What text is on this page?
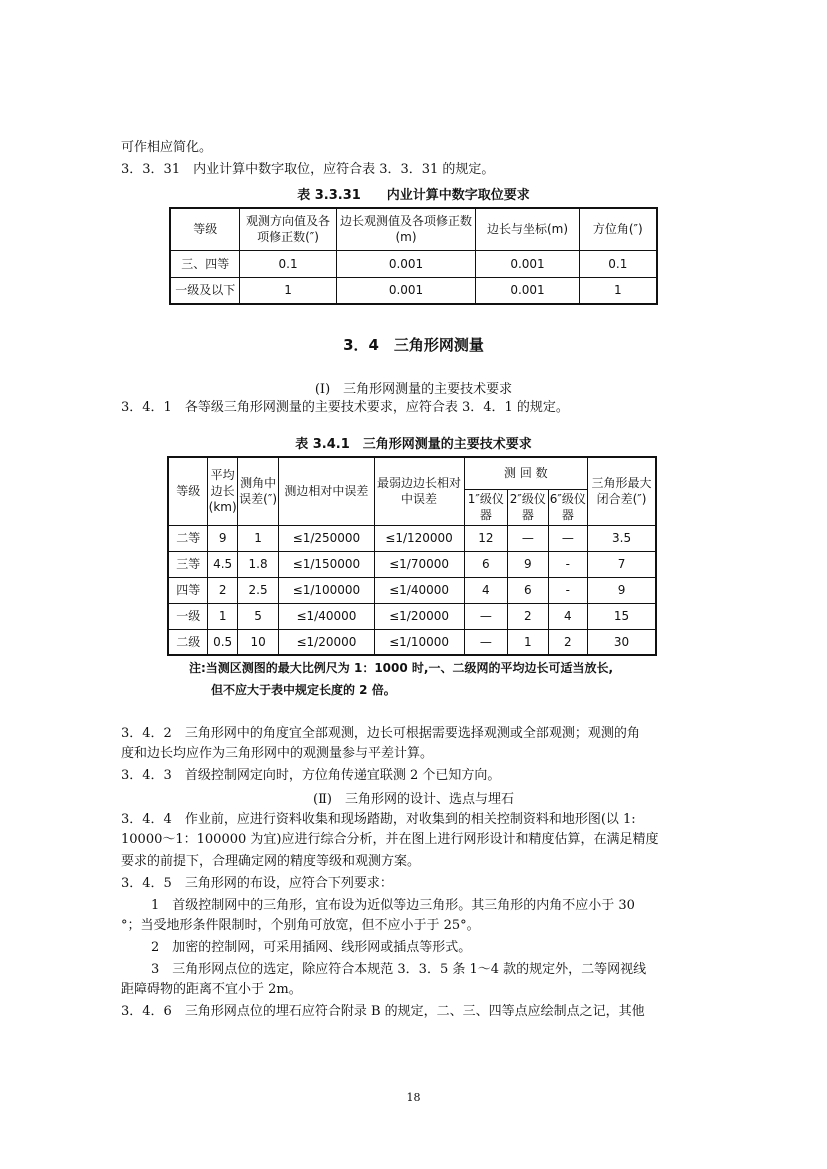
可作相应简化。
3．3．31　内业计算中数字取位，应符合表 3．3．31 的规定。
表 3.3.31　　内业计算中数字取位要求
等级	观测方向值及各项修正数(″)	边长观测值及各项修正数(m)	边长与坐标(m)	方位角(″)
三、四等	0.1	0.001	0.001	0.1
一级及以下	1	0.001	0.001	1
3．4　三角形网测量
(Ⅰ)　三角形网测量的主要技术要求
3．4．1　各等级三角形网测量的主要技术要求，应符合表 3．4．1 的规定。
表 3.4.1　三角形网测量的主要技术要求
等级	平均边长(km)	测角中误差(″)	测边相对中误差	最弱边边长相对中误差	测 回 数			三角形最大闭合差(″)
					1″级仪器	2″级仪器	6″级仪器	
二等	9	1	≤1/250000	≤1/120000	12	—	—	3.5
三等	4.5	1.8	≤1/150000	≤1/70000	6	9	-	7
四等	2	2.5	≤1/100000	≤1/40000	4	6	-	9
一级	1	5	≤1/40000	≤1/20000	—	2	4	15
二级	0.5	10	≤1/20000	≤1/10000	—	1	2	30
注:当测区测图的最大比例尺为 1：1000 时,一、二级网的平均边长可适当放长,
但不应大于表中规定长度的 2 倍。
3．4．2　三角形网中的角度宜全部观测，边长可根据需要选择观测或全部观测；观测的角
度和边长均应作为三角形网中的观测量参与平差计算。
3．4．3　首级控制网定向时，方位角传递宜联测 2 个已知方向。
(Ⅱ)　三角形网的设计、选点与埋石
3．4．4　作业前，应进行资料收集和现场踏勘，对收集到的相关控制资料和地形图(以 1:
10000～1：100000 为宜)应进行综合分析，并在图上进行网形设计和精度估算，在满足精度
要求的前提下，合理确定网的精度等级和观测方案。
3．4．5　三角形网的布设，应符合下列要求：
1　首级控制网中的三角形，宜布设为近似等边三角形。其三角形的内角不应小于 30
°；当受地形条件限制时，个别角可放宽，但不应小于于 25°。
2　加密的控制网，可采用插网、线形网或插点等形式。
3　三角形网点位的选定，除应符合本规范 3．3．5 条 1～4 款的规定外，二等网视线
距障碍物的距离不宜小于 2m。
3．4．6　三角形网点位的埋石应符合附录 B 的规定，二、三、四等点应绘制点之记，其他
18
